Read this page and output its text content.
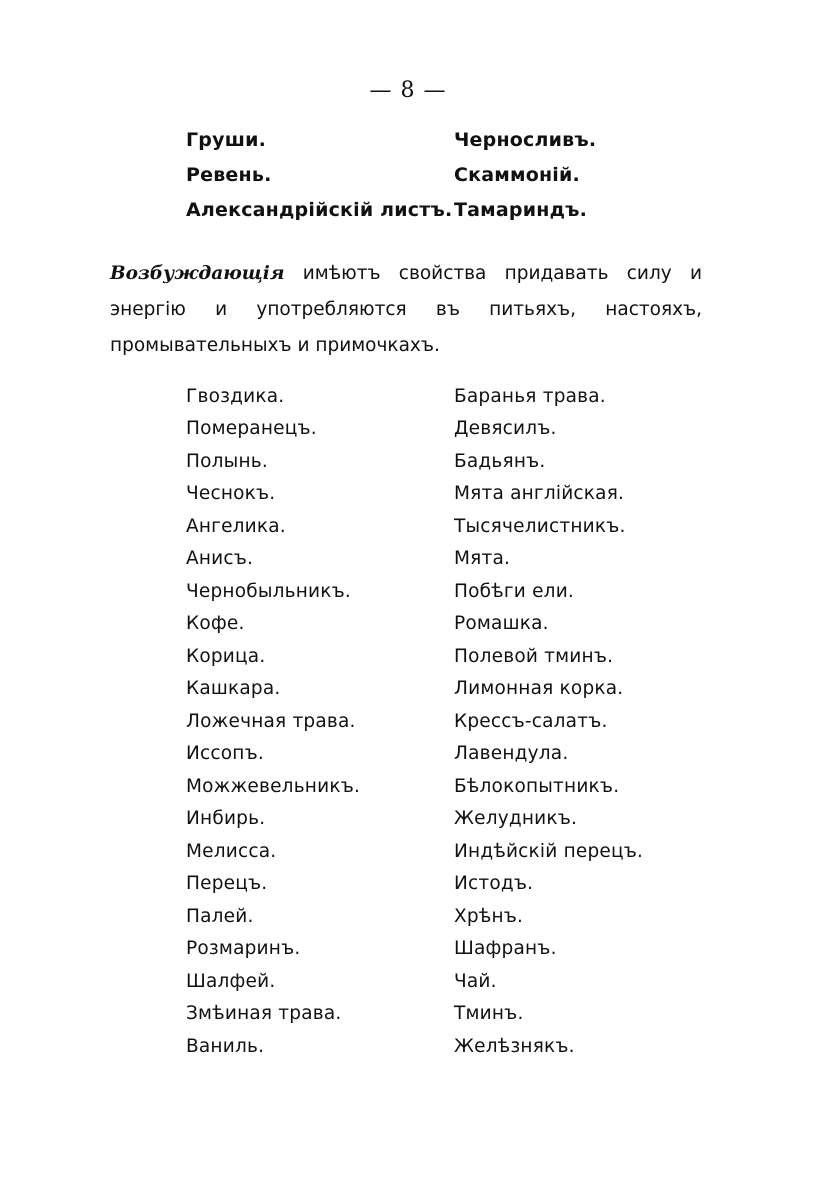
— 8 —
Груши.	Черносливъ.
Ревень.	Скаммоній.
Александрійскій листъ. Тамариндъ.
Возбуждающія имѣютъ свойства придавать силу и энергію и употребляются въ питьяхъ, настояхъ, промывательныхъ и примочкахъ.
Гвоздика.	Баранья трава.
Померанецъ.	Девясилъ.
Полынь.	Бадьянъ.
Чеснокъ.	Мята англійская.
Ангелика.	Тысячелистникъ.
Анисъ.	Мята.
Чернобыльникъ.	Побѣги ели.
Кофе.	Ромашка.
Корица.	Полевой тминъ.
Кашкара.	Лимонная корка.
Ложечная трава.	Крессъ-салатъ.
Иссопъ.	Лавендула.
Можжевельникъ.	Бѣлокопытникъ.
Инбирь.	Желудникъ.
Мелисса.	Индѣйскій перецъ.
Перецъ.	Истодъ.
Палей.	Хрѣнъ.
Розмаринъ.	Шафранъ.
Шалфей.	Чай.
Змѣиная трава.	Тминъ.
Ваниль.	Желѣзнякъ.
